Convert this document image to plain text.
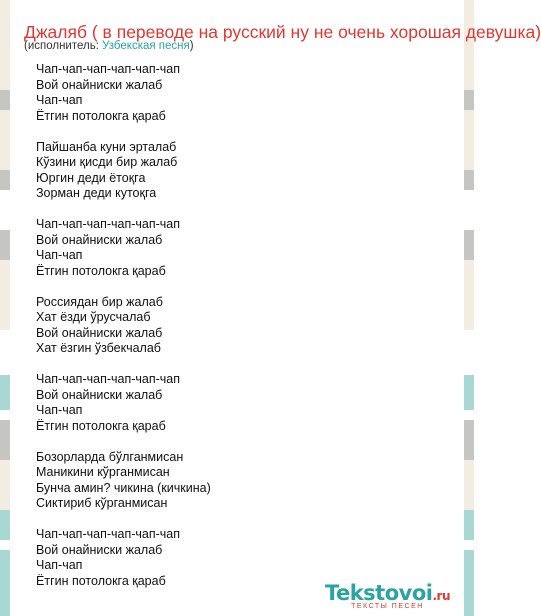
Джаляб ( в переводе на русский ну не очень хорошая девушка)
(исполнитель: Узбекская песня)
Чап-чап-чап-чап-чап-чап
Вой онайниски жалаб
Чап-чап
Ётгин потолокга қараб
Пайшанба куни эрталаб
Кўзини қисди бир жалаб
Юргин деди ётоқга
Зорман деди кутоқга
Чап-чап-чап-чап-чап-чап
Вой онайниски жалаб
Чап-чап
Ётгин потолокга қараб
Россиядан бир жалаб
Хат ёзди ўрусчалаб
Вой онайниски жалаб
Хат ёзгин ўзбекчалаб
Чап-чап-чап-чап-чап-чап
Вой онайниски жалаб
Чап-чап
Ётгин потолокга қараб
Бозорларда бўлганмисан
Маникини кўрганмисан
Бунча амин? чикина (кичкина)
Сиктириб кўрганмисан
Чап-чап-чап-чап-чап-чап
Вой онайниски жалаб
Чап-чап
Ётгин потолокга қараб
Tekstovoi.ru
ТЕКСТЫ ПЕСЕН
